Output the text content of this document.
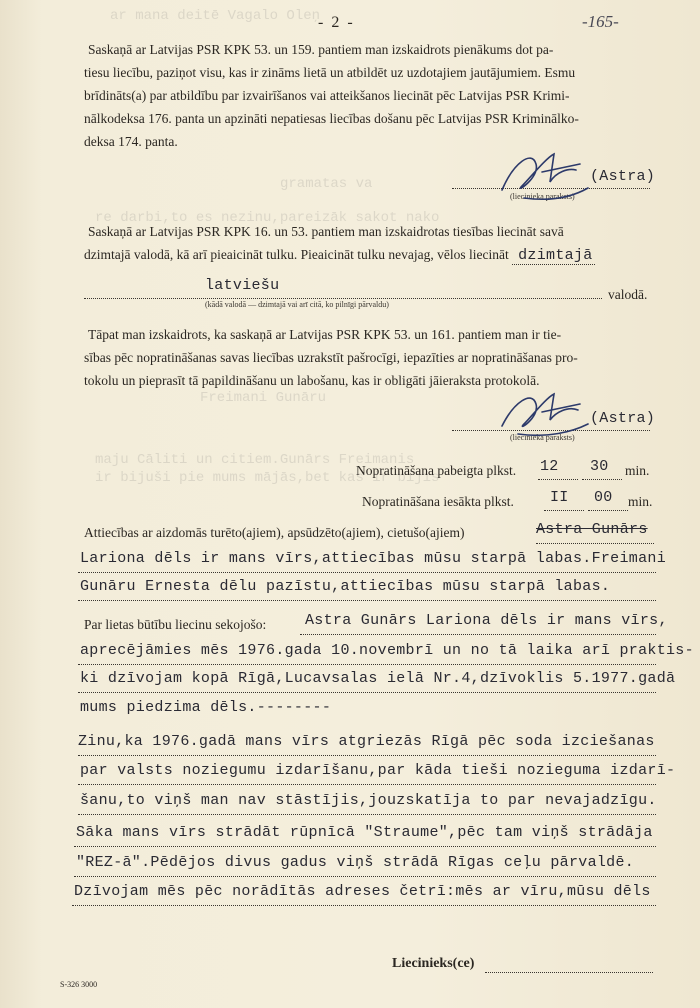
ar mana deitē Vagalo Oleņ
gramatas va
re darbi,to es nezinu,pareizāk sakot nako
Freimani Gunāru
maju Cāliti un citiem.Gunārs Freimanis
ir bijuši pie mums mājās,bet kas ir bijis
- 2 -	-165-
Saskaņā ar Latvijas PSR KPK 53. un 159. pantiem man izskaidrots pienākums dot pa-
tiesu liecību, paziņot visu, kas ir zināms lietā un atbildēt uz uzdotajiem jautājumiem. Esmu
brīdināts(a) par atbildību par izvairīšanos vai atteikšanos liecināt pēc Latvijas PSR Krimi-
nālkodeksa 176. panta un apzināti nepatiesas liecības došanu pēc Latvijas PSR Kriminālko-
deksa 174. panta.
(Astra)
(liecinieka paraksts)
Saskaņā ar Latvijas PSR KPK 16. un 53. pantiem man izskaidrotas tiesības liecināt savā
dzimtajā valodā, kā arī pieaicināt tulku. Pieaicināt tulku nevajag, vēlos liecināt dzimtajā
latviešu
valodā.
(kādā valodā — dzimtajā vai arī citā, ko pilnīgi pārvaldu)
Tāpat man izskaidrots, ka saskaņā ar Latvijas PSR KPK 53. un 161. pantiem man ir tie-
sības pēc nopratināšanas savas liecības uzrakstīt pašrocīgi, iepazīties ar nopratināšanas pro-
tokolu un pieprasīt tā papildināšanu un labošanu, kas ir obligāti jāieraksta protokolā.
(Astra)
(liecinieka paraksts)
Nopratināšana pabeigta plkst. 12 30 min.
Nopratināšana iesākta plkst. II 00 min.
Attiecības ar aizdomās turēto(ajiem), apsūdzēto(ajiem), cietušo(ajiem)	Astra Gunārs
Lariona dēls ir mans vīrs,attiecības mūsu starpā labas.Freimani
Gunāru Ernesta dēlu pazīstu,attiecības mūsu starpā labas.
Par lietas būtību liecinu sekojošo:	Astra Gunārs Lariona dēls ir mans vīrs,
aprecējāmies mēs 1976.gada 10.novembrī un no tā laika arī praktis-
ki dzīvojam kopā Rīgā,Lucavsalas ielā Nr.4,dzīvoklis 5.1977.gadā
mums piedzima dēls.--------
Zinu,ka 1976.gadā mans vīrs atgriezās Rīgā pēc soda izciešanas
par valsts noziegumu izdarīšanu,par kāda tieši nozieguma izdarī-
šanu,to viņš man nav stāstījis,jouzskatīja to par nevajadzīgu.
Sāka mans vīrs strādāt rūpnīcā "Straume",pēc tam viņš strādāja
"REZ-ā".Pēdējos divus gadus viņš strādā Rīgas ceļu pārvaldē.
Dzīvojam mēs pēc norādītās adreses četrī:mēs ar vīru,mūsu dēls
Liecinieks(ce)
S-326 3000
